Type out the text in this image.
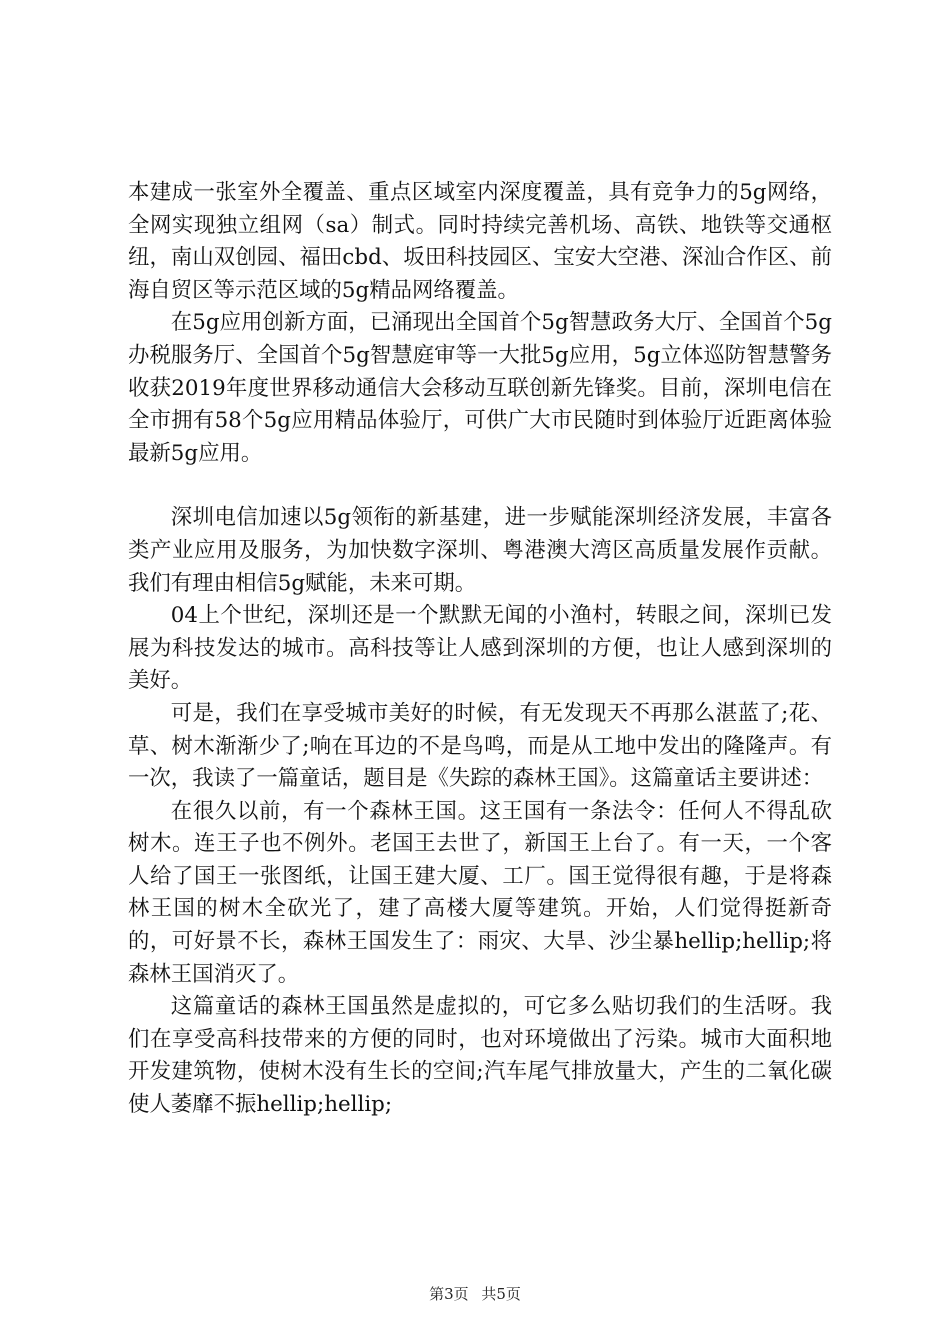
本建成一张室外全覆盖、重点区域室内深度覆盖，具有竞争力的5g网络，全网实现独立组网（sa）制式。同时持续完善机场、高铁、地铁等交通枢纽，南山双创园、福田cbd、坂田科技园区、宝安大空港、深汕合作区、前海自贸区等示范区域的5g精品网络覆盖。

在5g应用创新方面，已涌现出全国首个5g智慧政务大厅、全国首个5g办税服务厅、全国首个5g智慧庭审等一大批5g应用，5g立体巡防智慧警务收获2019年度世界移动通信大会移动互联创新先锋奖。目前，深圳电信在全市拥有58个5g应用精品体验厅，可供广大市民随时到体验厅近距离体验最新5g应用。

深圳电信加速以5g领衔的新基建，进一步赋能深圳经济发展，丰富各类产业应用及服务，为加快数字深圳、粤港澳大湾区高质量发展作贡献。我们有理由相信5g赋能，未来可期。

04上个世纪，深圳还是一个默默无闻的小渔村，转眼之间，深圳已发展为科技发达的城市。高科技等让人感到深圳的方便，也让人感到深圳的美好。

可是，我们在享受城市美好的时候，有无发现天不再那么湛蓝了;花、草、树木渐渐少了;响在耳边的不是鸟鸣，而是从工地中发出的隆隆声。有一次，我读了一篇童话，题目是《失踪的森林王国》。这篇童话主要讲述：

在很久以前，有一个森林王国。这王国有一条法令：任何人不得乱砍树木。连王子也不例外。老国王去世了，新国王上台了。有一天，一个客人给了国王一张图纸，让国王建大厦、工厂。国王觉得很有趣，于是将森林王国的树木全砍光了，建了高楼大厦等建筑。开始，人们觉得挺新奇的，可好景不长，森林王国发生了：雨灾、大旱、沙尘暴hellip;hellip;将森林王国消灭了。

这篇童话的森林王国虽然是虚拟的，可它多么贴切我们的生活呀。我们在享受高科技带来的方便的同时，也对环境做出了污染。城市大面积地开发建筑物，使树木没有生长的空间;汽车尾气排放量大，产生的二氧化碳使人萎靡不振hellip;hellip;

第3页 共5页
